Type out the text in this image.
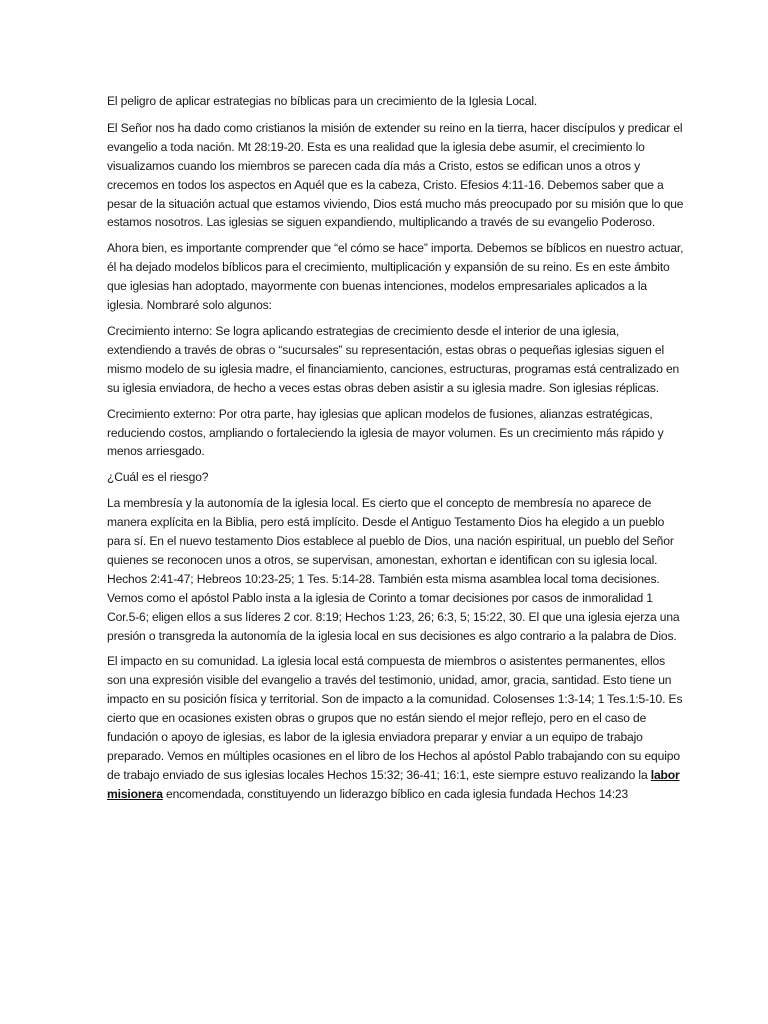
El peligro de aplicar estrategias no bíblicas para un crecimiento de la Iglesia Local.

El Señor nos ha dado como cristianos la misión de extender su reino en la tierra, hacer discípulos y predicar el evangelio a toda nación. Mt 28:19-20. Esta es una realidad que la iglesia debe asumir, el crecimiento lo visualizamos cuando los miembros se parecen cada día más a Cristo, estos se edifican unos a otros y crecemos en todos los aspectos en Aquél que es la cabeza, Cristo. Efesios 4:11-16. Debemos saber que a pesar de la situación actual que estamos viviendo, Dios está mucho más preocupado por su misión que lo que estamos nosotros. Las iglesias se siguen expandiendo, multiplicando a través de su evangelio Poderoso.

Ahora bien, es importante comprender que “el cómo se hace” importa. Debemos se bíblicos en nuestro actuar, él ha dejado modelos bíblicos para el crecimiento, multiplicación y expansión de su reino. Es en este ámbito que iglesias han adoptado, mayormente con buenas intenciones, modelos empresariales aplicados a la iglesia. Nombraré solo algunos:

Crecimiento interno: Se logra aplicando estrategias de crecimiento desde el interior de una iglesia, extendiendo a través de obras o “sucursales” su representación, estas obras o pequeñas iglesias siguen el mismo modelo de su iglesia madre, el financiamiento, canciones, estructuras, programas está centralizado en su iglesia enviadora, de hecho a veces estas obras deben asistir a su iglesia madre. Son iglesias réplicas.

Crecimiento externo: Por otra parte, hay iglesias que aplican modelos de fusiones, alianzas estratégicas, reduciendo costos, ampliando o fortaleciendo la iglesia de mayor volumen. Es un crecimiento más rápido y menos arriesgado.

¿Cuál es el riesgo?

La membresía y la autonomía de la iglesia local. Es cierto que el concepto de membresía no aparece de manera explícita en la Biblia, pero está implícito. Desde el Antiguo Testamento Dios ha elegido a un pueblo para sí. En el nuevo testamento Dios establece al pueblo de Dios, una nación espiritual, un pueblo del Señor quienes se reconocen unos a otros, se supervisan, amonestan, exhortan e identifican con su iglesia local. Hechos 2:41-47; Hebreos 10:23-25; 1 Tes. 5:14-28. También esta misma asamblea local toma decisiones. Vemos como el apóstol Pablo insta a la iglesia de Corinto a tomar decisiones por casos de inmoralidad 1 Cor.5-6; eligen ellos a sus líderes 2 cor. 8:19; Hechos 1:23, 26; 6:3, 5; 15:22, 30. El que una iglesia ejerza una presión o transgreda la autonomía de la iglesia local en sus decisiones es algo contrario a la palabra de Dios.

El impacto en su comunidad. La iglesia local está compuesta de miembros o asistentes permanentes, ellos son una expresión visible del evangelio a través del testimonio, unidad, amor, gracia, santidad. Esto tiene un impacto en su posición física y territorial. Son de impacto a la comunidad. Colosenses 1:3-14; 1 Tes.1:5-10. Es cierto que en ocasiones existen obras o grupos que no están siendo el mejor reflejo, pero en el caso de fundación o apoyo de iglesias, es labor de la iglesia enviadora preparar y enviar a un equipo de trabajo preparado. Vemos en múltiples ocasiones en el libro de los Hechos al apóstol Pablo trabajando con su equipo de trabajo enviado de sus iglesias locales Hechos 15:32; 36-41; 16:1, este siempre estuvo realizando la labor misionera encomendada, constituyendo un liderazgo bíblico en cada iglesia fundada Hechos 14:23
